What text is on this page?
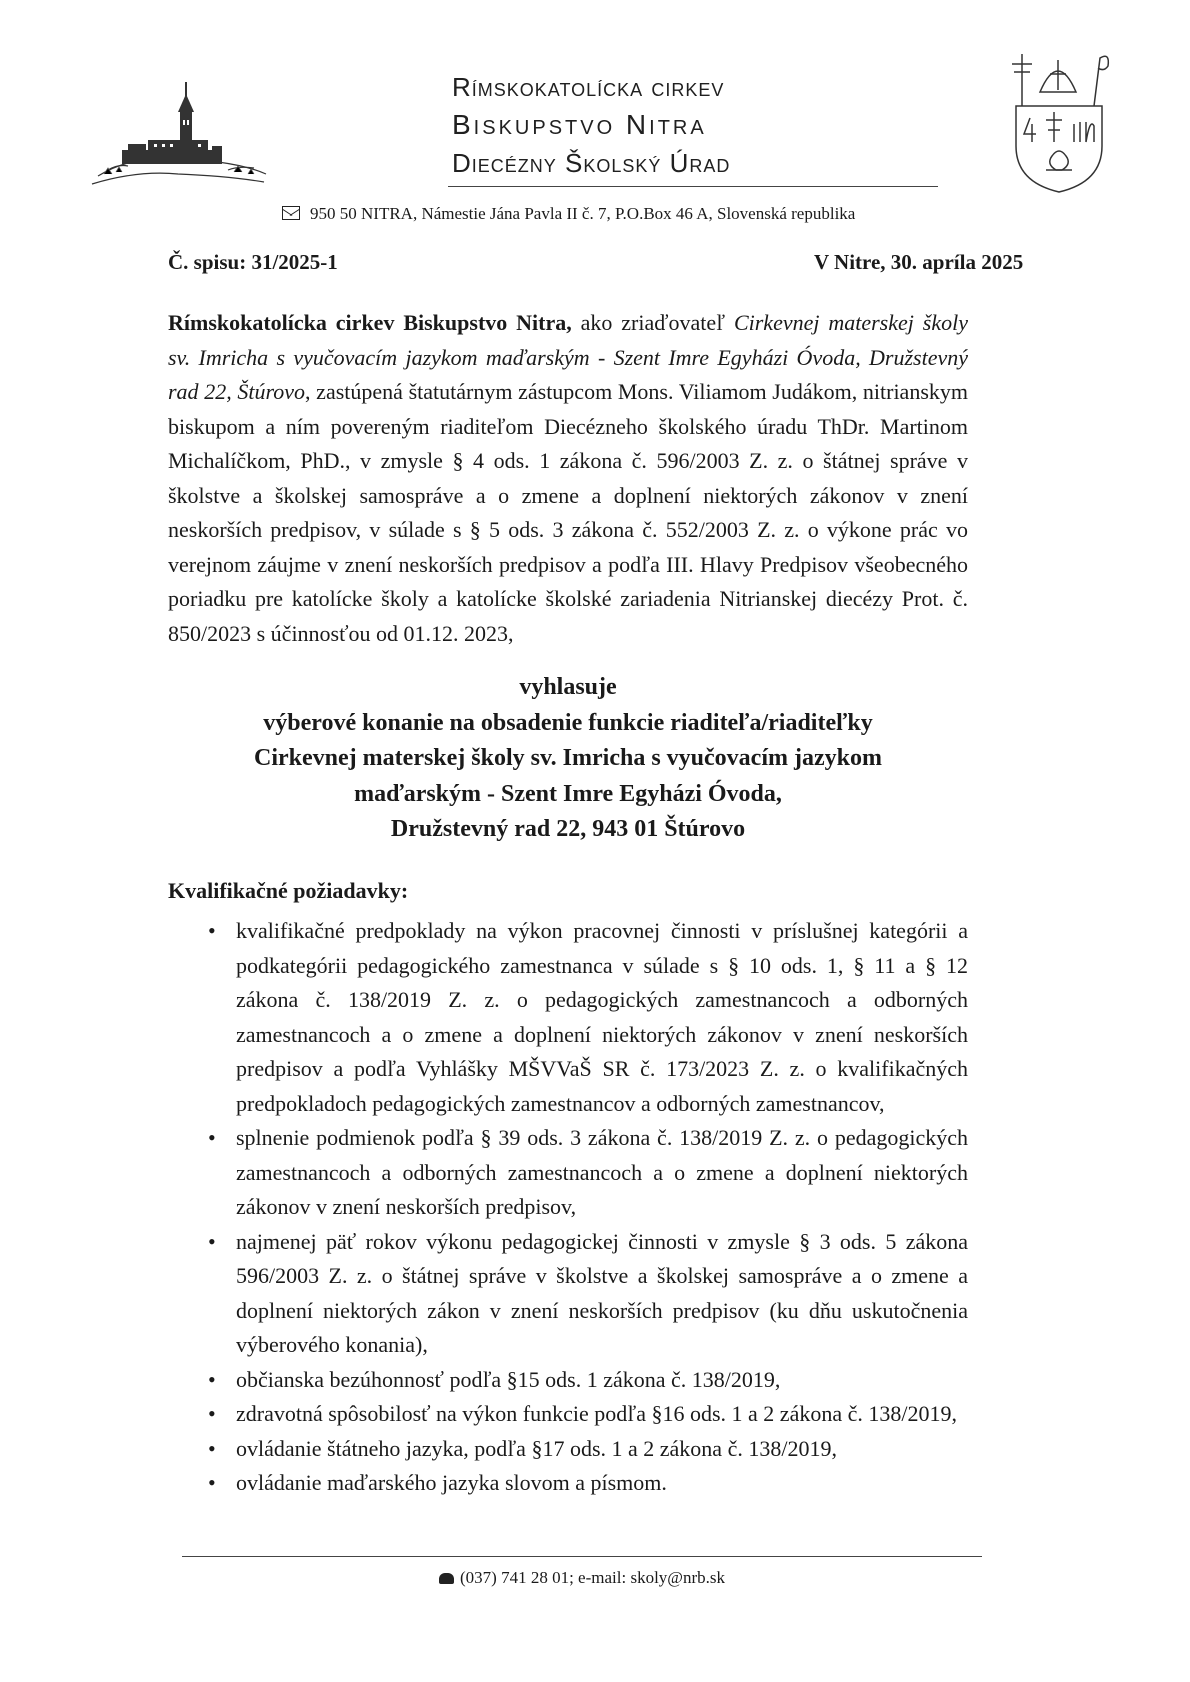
Rímskokatolícka cirkev
Biskupstvo Nitra
Diecézny Školský Úrad
950 50 NITRA, Námestie Jána Pavla II č. 7, P.O.Box 46 A, Slovenská republika
Č. spisu: 31/2025-1	V Nitre, 30. apríla 2025
Rímskokatolícka cirkev Biskupstvo Nitra, ako zriaďovateľ Cirkevnej materskej školy sv. Imricha s vyučovacím jazykom maďarským - Szent Imre Egyházi Óvoda, Družstevný rad 22, Štúrovo, zastúpená štatutárnym zástupcom Mons. Viliamom Judákom, nitrianskym biskupom a ním povereným riaditeľom Diecézneho školského úradu ThDr. Martinom Michalíčkom, PhD., v zmysle § 4 ods. 1 zákona č. 596/2003 Z. z. o štátnej správe v školstve a školskej samospráve a o zmene a doplnení niektorých zákonov v znení neskorších predpisov, v súlade s § 5 ods. 3 zákona č. 552/2003 Z. z. o výkone prác vo verejnom záujme v znení neskorších predpisov a podľa III. Hlavy Predpisov všeobecného poriadku pre katolícke školy a katolícke školské zariadenia Nitrianskej diecézy Prot. č. 850/2023 s účinnosťou od 01.12. 2023,
vyhlasuje
výberové konanie na obsadenie funkcie riaditeľa/riaditeľky
Cirkevnej materskej školy sv. Imricha s vyučovacím jazykom
maďarským - Szent Imre Egyházi Óvoda,
Družstevný rad 22, 943 01 Štúrovo
Kvalifikačné požiadavky:
• kvalifikačné predpoklady na výkon pracovnej činnosti v príslušnej kategórii a podkategórii pedagogického zamestnanca v súlade s § 10 ods. 1, § 11 a § 12 zákona č. 138/2019 Z. z. o pedagogických zamestnancoch a odborných zamestnancoch a o zmene a doplnení niektorých zákonov v znení neskorších predpisov a podľa Vyhlášky MŠVVaŠ SR č. 173/2023 Z. z. o kvalifikačných predpokladoch pedagogických zamestnancov a odborných zamestnancov,
• splnenie podmienok podľa § 39 ods. 3 zákona č. 138/2019 Z. z. o pedagogických zamestnancoch a odborných zamestnancoch a o zmene a doplnení niektorých zákonov v znení neskorších predpisov,
• najmenej päť rokov výkonu pedagogickej činnosti v zmysle § 3 ods. 5 zákona 596/2003 Z. z. o štátnej správe v školstve a školskej samospráve a o zmene a doplnení niektorých zákon v znení neskorších predpisov (ku dňu uskutočnenia výberového konania),
• občianska bezúhonnosť podľa §15 ods. 1 zákona č. 138/2019,
• zdravotná spôsobilosť na výkon funkcie podľa §16 ods. 1 a 2 zákona č. 138/2019,
• ovládanie štátneho jazyka, podľa §17 ods. 1 a 2 zákona č. 138/2019,
• ovládanie maďarského jazyka slovom a písmom.
(037) 741 28 01; e-mail: skoly@nrb.sk
